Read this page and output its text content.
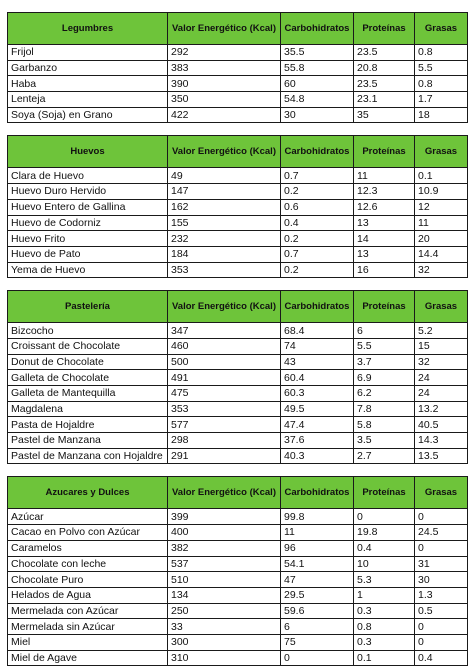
Legumbres	Valor Energético (Kcal)	Carbohidratos	Proteínas	Grasas
Frijol	292	35.5	23.5	0.8
Garbanzo	383	55.8	20.8	5.5
Haba	390	60	23.5	0.8
Lenteja	350	54.8	23.1	1.7
Soya (Soja) en Grano	422	30	35	18

Huevos	Valor Energético (Kcal)	Carbohidratos	Proteínas	Grasas
Clara de Huevo	49	0.7	11	0.1
Huevo Duro Hervido	147	0.2	12.3	10.9
Huevo Entero de Gallina	162	0.6	12.6	12
Huevo de Codorniz	155	0.4	13	11
Huevo Frito	232	0.2	14	20
Huevo de Pato	184	0.7	13	14.4
Yema de Huevo	353	0.2	16	32

Pastelería	Valor Energético (Kcal)	Carbohidratos	Proteínas	Grasas
Bizcocho	347	68.4	6	5.2
Croissant de Chocolate	460	74	5.5	15
Donut de Chocolate	500	43	3.7	32
Galleta de Chocolate	491	60.4	6.9	24
Galleta de Mantequilla	475	60.3	6.2	24
Magdalena	353	49.5	7.8	13.2
Pasta de Hojaldre	577	47.4	5.8	40.5
Pastel de Manzana	298	37.6	3.5	14.3
Pastel de Manzana con Hojaldre	291	40.3	2.7	13.5

Azucares y Dulces	Valor Energético (Kcal)	Carbohidratos	Proteínas	Grasas
Azúcar	399	99.8	0	0
Cacao en Polvo con Azúcar	400	11	19.8	24.5
Caramelos	382	96	0.4	0
Chocolate con leche	537	54.1	10	31
Chocolate Puro	510	47	5.3	30
Helados de Agua	134	29.5	1	1.3
Mermelada con Azúcar	250	59.6	0.3	0.5
Mermelada sin Azúcar	33	6	0.8	0
Miel	300	75	0.3	0
Miel de Agave	310	0	0.1	0.4
